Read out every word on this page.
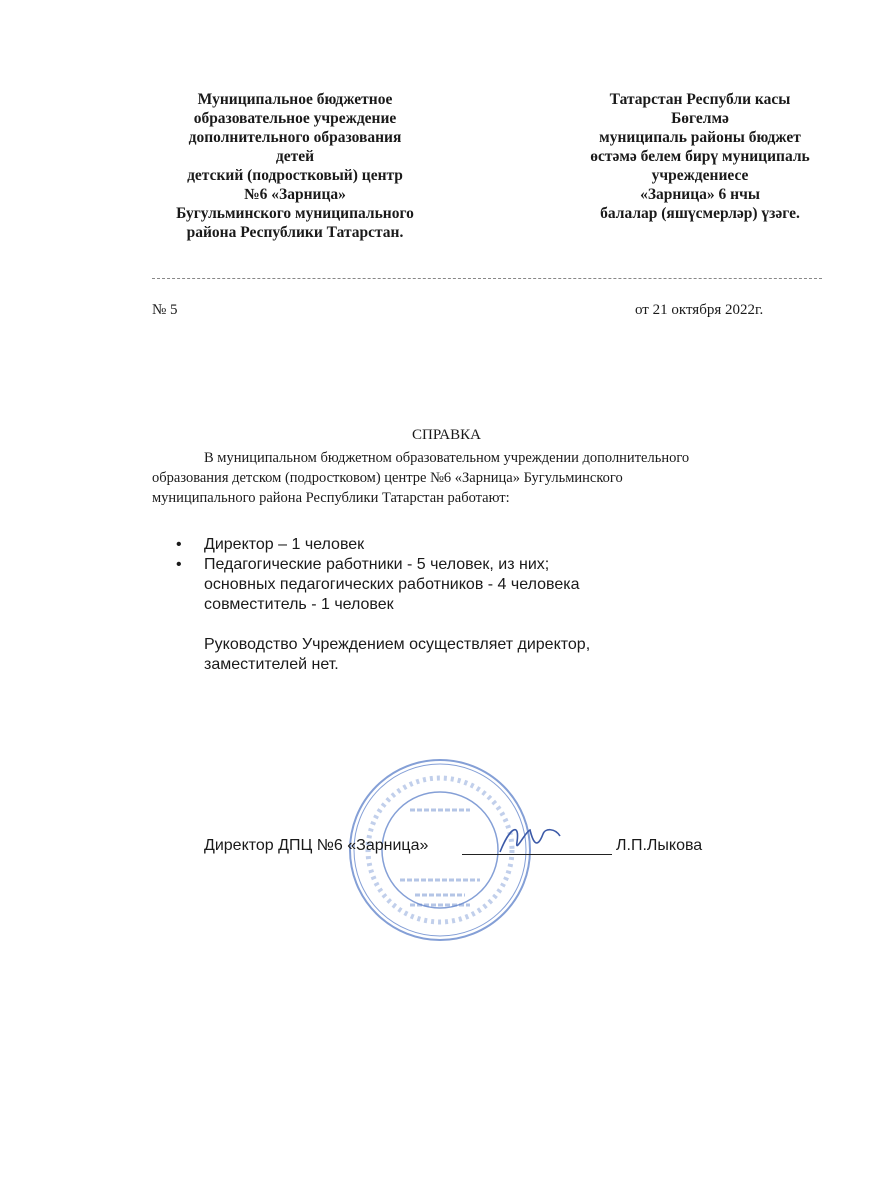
Муниципальное бюджетное
образовательное учреждение
дополнительного образования
детей
детский (подростковый) центр
№6 «Зарница»
Бугульминского муниципального
района Республики Татарстан.
Татарстан Республи касы
Бөгелмә
муниципаль районы бюджет
өстәмә белем бирү муниципаль
учреждениесе
«Зарница» 6 нчы
балалар (яшүсмерләр) үзәге.
№ 5	от 21 октября 2022г.
СПРАВКА
В муниципальном бюджетном образовательном учреждении дополнительного
образования детском (подростковом) центре №6 «Зарница» Бугульминского
муниципального района Республики Татарстан работают:
•	Директор – 1 человек
•	Педагогические работники - 5 человек, из них;
основных педагогических работников - 4 человека
совместитель - 1 человек
Руководство Учреждением осуществляет директор,
заместителей нет.
Директор ДПЦ №6 «Зарница»	Л.П.Лыкова
